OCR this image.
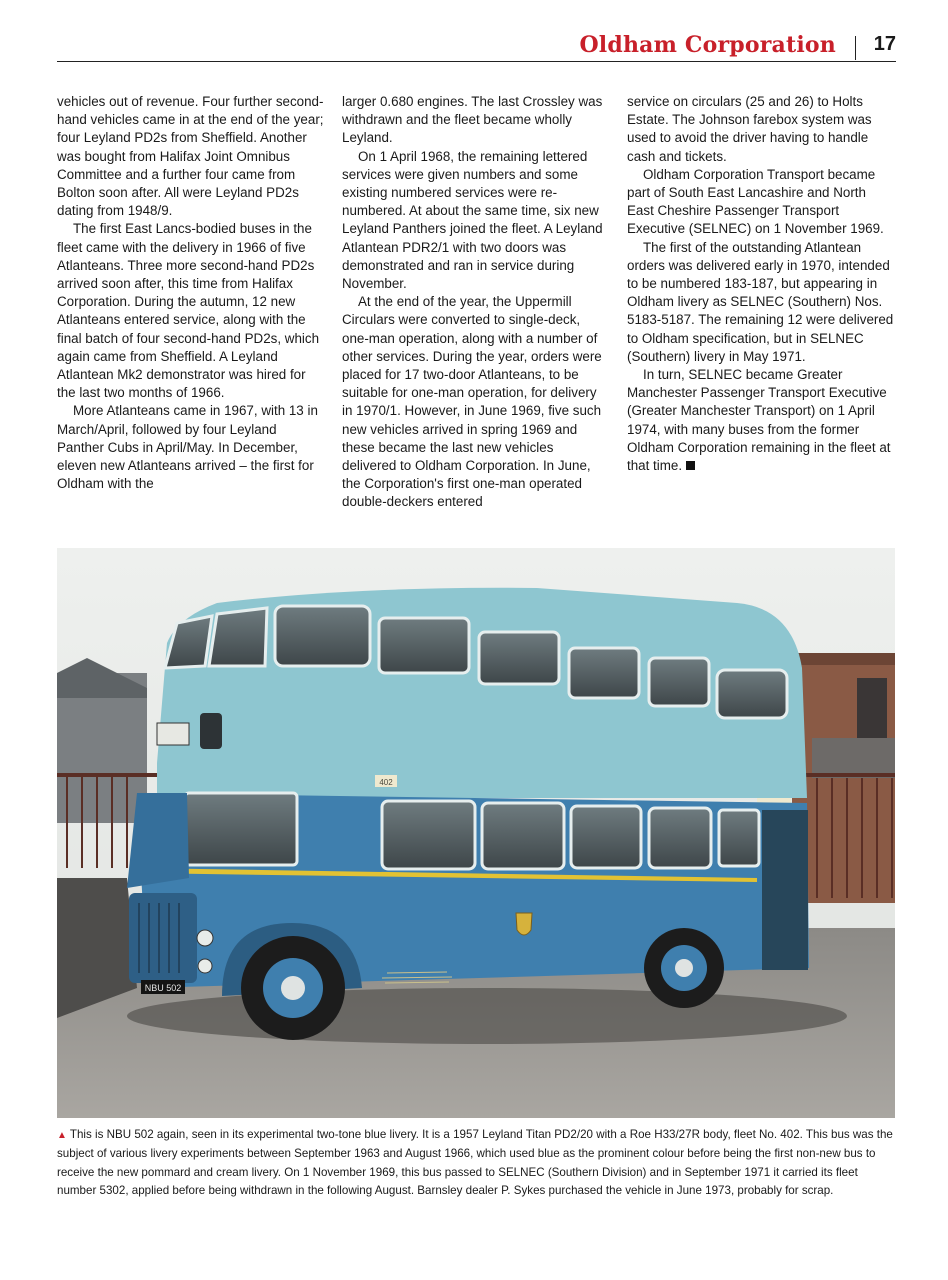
Oldham Corporation 17

vehicles out of revenue. Four further second-hand vehicles came in at the end of the year; four Leyland PD2s from Sheffield. Another was bought from Halifax Joint Omnibus Committee and a further four came from Bolton soon after. All were Leyland PD2s dating from 1948/9.

The first East Lancs-bodied buses in the fleet came with the delivery in 1966 of five Atlanteans. Three more second-hand PD2s arrived soon after, this time from Halifax Corporation. During the autumn, 12 new Atlanteans entered service, along with the final batch of four second-hand PD2s, which again came from Sheffield. A Leyland Atlantean Mk2 demonstrator was hired for the last two months of 1966.

More Atlanteans came in 1967, with 13 in March/April, followed by four Leyland Panther Cubs in April/May. In December, eleven new Atlanteans arrived – the first for Oldham with the

larger 0.680 engines. The last Crossley was withdrawn and the fleet became wholly Leyland.

On 1 April 1968, the remaining lettered services were given numbers and some existing numbered services were re-numbered. At about the same time, six new Leyland Panthers joined the fleet. A Leyland Atlantean PDR2/1 with two doors was demonstrated and ran in service during November.

At the end of the year, the Uppermill Circulars were converted to single-deck, one-man operation, along with a number of other services. During the year, orders were placed for 17 two-door Atlanteans, to be suitable for one-man operation, for delivery in 1970/1. However, in June 1969, five such new vehicles arrived in spring 1969 and these became the last new vehicles delivered to Oldham Corporation. In June, the Corporation's first one-man operated double-deckers entered

service on circulars (25 and 26) to Holts Estate. The Johnson farebox system was used to avoid the driver having to handle cash and tickets.

Oldham Corporation Transport became part of South East Lancashire and North East Cheshire Passenger Transport Executive (SELNEC) on 1 November 1969.

The first of the outstanding Atlantean orders was delivered early in 1970, intended to be numbered 183-187, but appearing in Oldham livery as SELNEC (Southern) Nos. 5183-5187. The remaining 12 were delivered to Oldham specification, but in SELNEC (Southern) livery in May 1971.

In turn, SELNEC became Greater Manchester Passenger Transport Executive (Greater Manchester Transport) on 1 April 1974, with many buses from the former Oldham Corporation remaining in the fleet at that time.

NBU 502
402
▲ This is NBU 502 again, seen in its experimental two-tone blue livery. It is a 1957 Leyland Titan PD2/20 with a Roe H33/27R body, fleet No. 402. This bus was the subject of various livery experiments between September 1963 and August 1966, which used blue as the prominent colour before being the first non-new bus to receive the new pommard and cream livery. On 1 November 1969, this bus passed to SELNEC (Southern Division) and in September 1971 it carried its fleet number 5302, applied before being withdrawn in the following August. Barnsley dealer P. Sykes purchased the vehicle in June 1973, probably for scrap.
